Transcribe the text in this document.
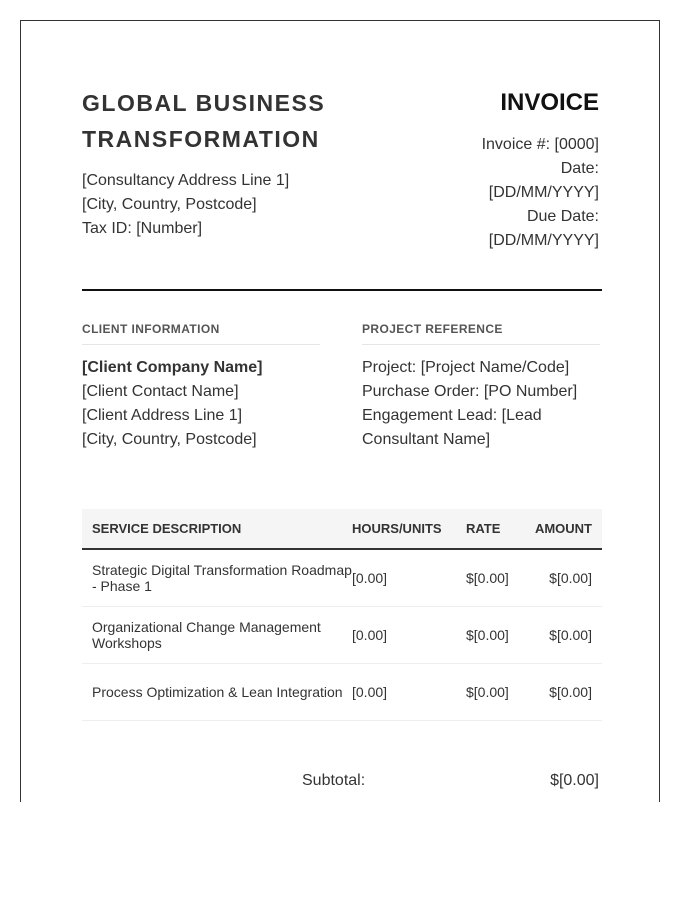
GLOBAL BUSINESS TRANSFORMATION
[Consultancy Address Line 1]
[City, Country, Postcode]
Tax ID: [Number]
INVOICE
Invoice #: [0000]
Date:
[DD/MM/YYYY]
Due Date:
[DD/MM/YYYY]
CLIENT INFORMATION	PROJECT REFERENCE
[Client Company Name]
[Client Contact Name]
[Client Address Line 1]
[City, Country, Postcode]
Project: [Project Name/Code]
Purchase Order: [PO Number]
Engagement Lead: [Lead Consultant Name]
SERVICE DESCRIPTION	HOURS/UNITS	RATE	AMOUNT
Strategic Digital Transformation Roadmap - Phase 1	[0.00]	$[0.00]	$[0.00]
Organizational Change Management Workshops	[0.00]	$[0.00]	$[0.00]
Process Optimization & Lean Integration [0.00]	$[0.00]	$[0.00]
Subtotal:	$[0.00]
